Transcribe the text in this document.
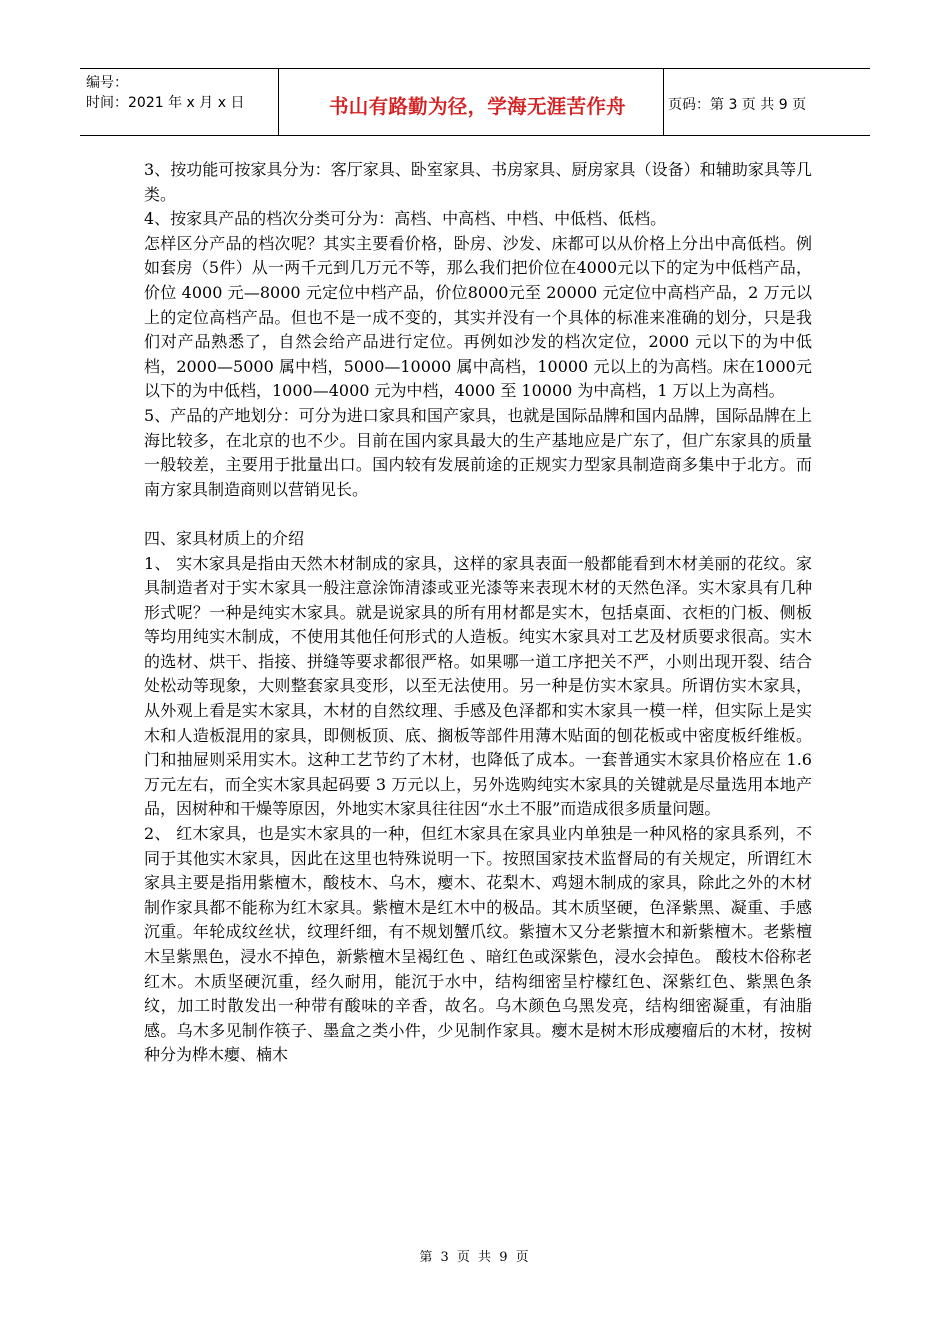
编号：
时间：2021 年 x 月 x 日	书山有路勤为径，学海无涯苦作舟	页码：第 3 页 共 9 页

3、按功能可按家具分为：客厅家具、卧室家具、书房家具、厨房家具（设备）和辅助家具等几类。

4、按家具产品的档次分类可分为：高档、中高档、中档、中低档、低档。

怎样区分产品的档次呢？其实主要看价格，卧房、沙发、床都可以从价格上分出中高低档。例如套房（5件）从一两千元到几万元不等，那么我们把价位在4000元以下的定为中低档产品，价位 4000 元—8000 元定位中档产品，价位8000元至 20000 元定位中高档产品，2 万元以上的定位高档产品。但也不是一成不变的，其实并没有一个具体的标准来准确的划分，只是我们对产品熟悉了，自然会给产品进行定位。再例如沙发的档次定位，2000 元以下的为中低档，2000—5000 属中档，5000—10000 属中高档，10000 元以上的为高档。床在1000元以下的为中低档，1000—4000 元为中档，4000 至 10000 为中高档，1 万以上为高档。

5、产品的产地划分：可分为进口家具和国产家具，也就是国际品牌和国内品牌，国际品牌在上海比较多，在北京的也不少。目前在国内家具最大的生产基地应是广东了，但广东家具的质量一般较差，主要用于批量出口。国内较有发展前途的正规实力型家具制造商多集中于北方。而南方家具制造商则以营销见长。

四、家具材质上的介绍

1、 实木家具是指由天然木材制成的家具，这样的家具表面一般都能看到木材美丽的花纹。家具制造者对于实木家具一般注意涂饰清漆或亚光漆等来表现木材的天然色泽。实木家具有几种形式呢？一种是纯实木家具。就是说家具的所有用材都是实木，包括桌面、衣柜的门板、侧板等均用纯实木制成，不使用其他任何形式的人造板。纯实木家具对工艺及材质要求很高。实木的选材、烘干、指接、拼缝等要求都很严格。如果哪一道工序把关不严，小则出现开裂、结合处松动等现象，大则整套家具变形，以至无法使用。另一种是仿实木家具。所谓仿实木家具，从外观上看是实木家具，木材的自然纹理、手感及色泽都和实木家具一模一样，但实际上是实木和人造板混用的家具，即侧板顶、底、搁板等部件用薄木贴面的刨花板或中密度板纤维板。门和抽屉则采用实木。这种工艺节约了木材，也降低了成本。一套普通实木家具价格应在 1.6 万元左右，而全实木家具起码要 3 万元以上，另外选购纯实木家具的关键就是尽量选用本地产品，因树种和干燥等原因，外地实木家具往往因“水土不服”而造成很多质量问题。

2、 红木家具，也是实木家具的一种，但红木家具在家具业内单独是一种风格的家具系列，不同于其他实木家具，因此在这里也特殊说明一下。按照国家技术监督局的有关规定，所谓红木家具主要是指用紫檀木，酸枝木、乌木，瘿木、花梨木、鸡翅木制成的家具，除此之外的木材制作家具都不能称为红木家具。紫檀木是红木中的极品。其木质坚硬，色泽紫黑、凝重、手感沉重。年轮成纹丝状，纹理纤细，有不规划蟹爪纹。紫擅木又分老紫擅木和新紫檀木。老紫檀木呈紫黑色，浸水不掉色，新紫檀木呈褐红色 、暗红色或深紫色，浸水会掉色。 酸枝木俗称老红木。木质坚硬沉重，经久耐用，能沉于水中，结构细密呈柠檬红色、深紫红色、紫黑色条纹，加工时散发出一种带有酸味的辛香，故名。乌木颜色乌黑发亮，结构细密凝重，有油脂感。乌木多见制作筷子、墨盒之类小件，少见制作家具。瘿木是树木形成瘿瘤后的木材，按树种分为桦木瘿、楠木

第 3 页 共 9 页
